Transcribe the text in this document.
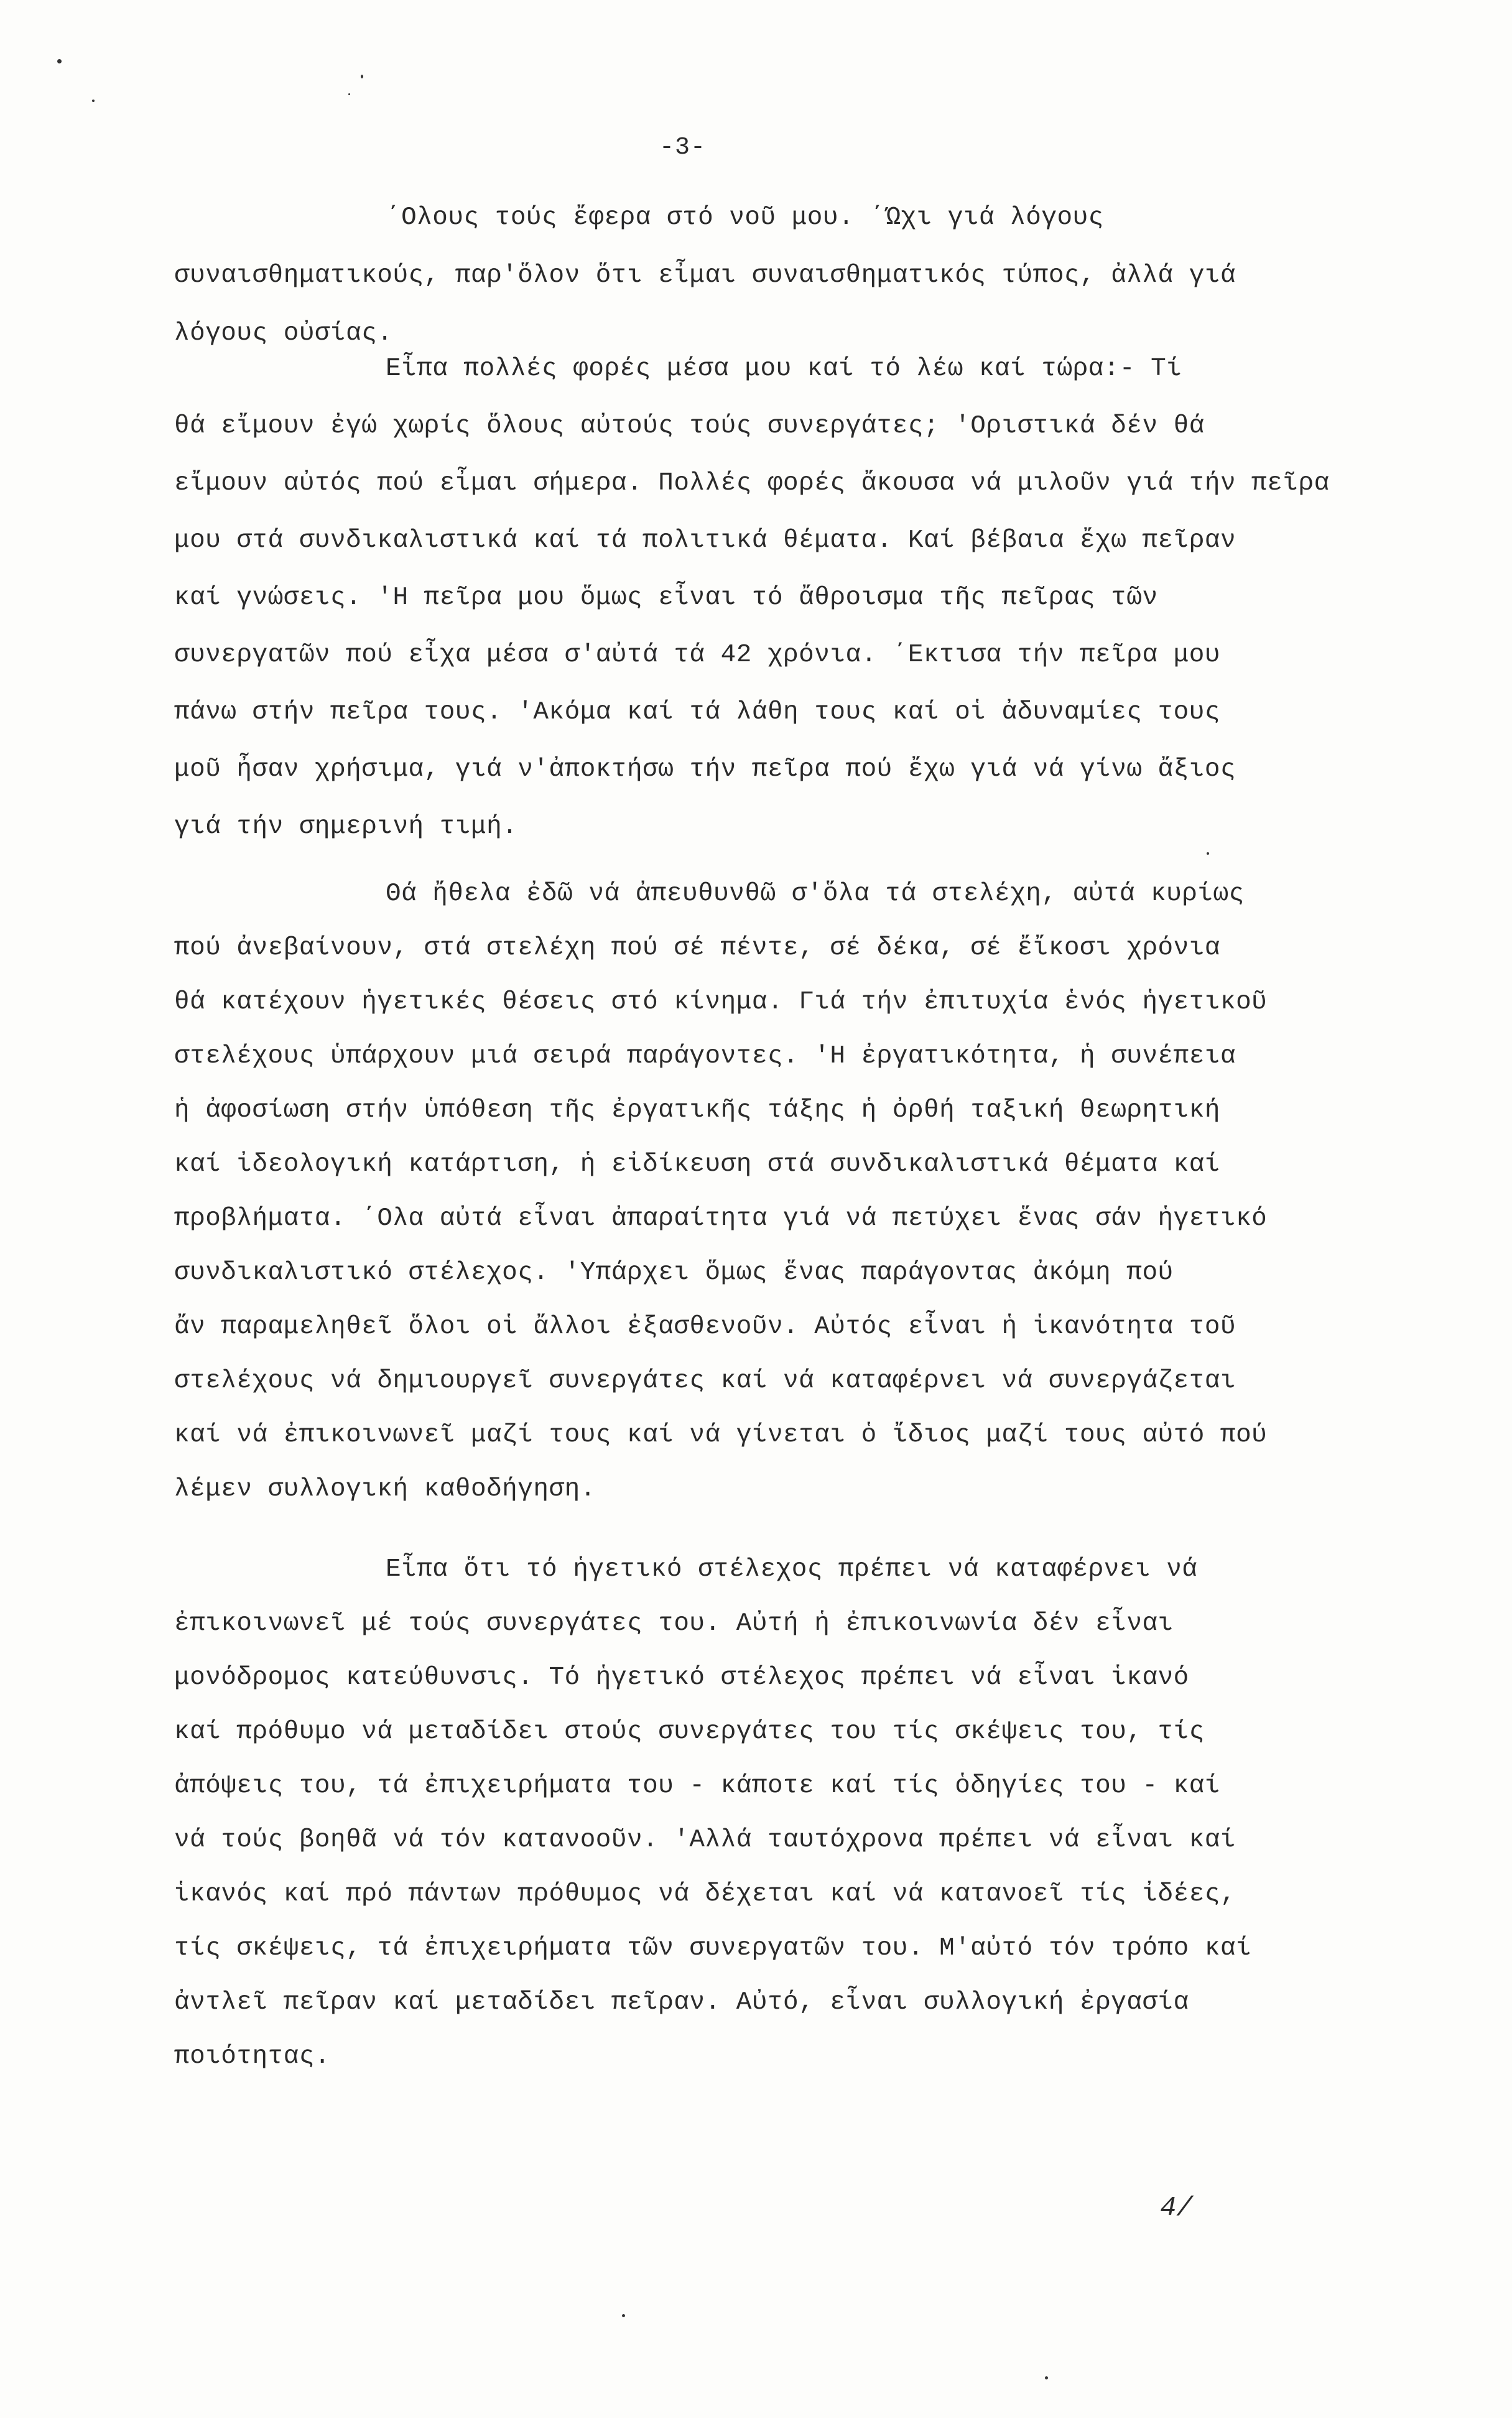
-3-
΄Ολους τούς ἔφερα στό νοῦ μου. ΄Ώχι γιά λόγους
συναισθηματικούς, παρ'ὅλον ὅτι εἶμαι συναισθηματικός τύπος, ἀλλά γιά
λόγους οὐσίας.
Εἶπα πολλές φορές μέσα μου καί τό λέω καί τώρα:- Τί
θά εἴμουν ἐγώ χωρίς ὅλους αὐτούς τούς συνεργάτες; 'Οριστικά δέν θά
εἴμουν αὐτός πού εἶμαι σήμερα. Πολλές φορές ἄκουσα νά μιλοῦν γιά τήν πεῖρα
μου στά συνδικαλιστικά καί τά πολιτικά θέματα. Καί βέβαια ἔχω πεῖραν
καί γνώσεις. 'Η πεῖρα μου ὅμως εἶναι τό ἄθροισμα τῆς πεῖρας τῶν
συνεργατῶν πού εἶχα μέσα σ'αὐτά τά 42 χρόνια. ΄Εκτισα τήν πεῖρα μου
πάνω στήν πεῖρα τους. 'Ακόμα καί τά λάθη τους καί οἱ ἀδυναμίες τους
μοῦ ἦσαν χρήσιμα, γιά ν'ἀποκτήσω τήν πεῖρα πού ἔχω γιά νά γίνω ἄξιος
γιά τήν σημερινή τιμή.
Θά ἤθελα ἐδῶ νά ἀπευθυνθῶ σ'ὅλα τά στελέχη, αὐτά κυρίως
πού ἀνεβαίνουν, στά στελέχη πού σέ πέντε, σέ δέκα, σέ ἔἴκοσι χρόνια
θά κατέχουν ἡγετικές θέσεις στό κίνημα. Γιά τήν ἐπιτυχία ἑνός ἡγετικοῦ
στελέχους ὑπάρχουν μιά σειρά παράγοντες. 'Η ἐργατικότητα, ἡ συνέπεια
ἡ ἀφοσίωση στήν ὑπόθεση τῆς ἐργατικῆς τάξης ἡ ὀρθή ταξική θεωρητική
καί ἰδεολογική κατάρτιση, ἡ εἰδίκευση στά συνδικαλιστικά θέματα καί
προβλήματα. ΄Ολα αὐτά εἶναι ἀπαραίτητα γιά νά πετύχει ἕνας σάν ἡγετικό
συνδικαλιστικό στέλεχος. 'Υπάρχει ὅμως ἕνας παράγοντας ἀκόμη πού
ἄν παραμεληθεῖ ὅλοι οἱ ἄλλοι ἐξασθενοῦν. Αὐτός εἶναι ἡ ἱκανότητα τοῦ
στελέχους νά δημιουργεῖ συνεργάτες καί νά καταφέρνει νά συνεργάζεται
καί νά ἐπικοινωνεῖ μαζί τους καί νά γίνεται ὁ ἴδιος μαζί τους αὐτό πού
λέμεν συλλογική καθοδήγηση.
Εἶπα ὅτι τό ἡγετικό στέλεχος πρέπει νά καταφέρνει νά
ἐπικοινωνεῖ μέ τούς συνεργάτες του. Αὐτή ἡ ἐπικοινωνία δέν εἶναι
μονόδρομος κατεύθυνσις. Τό ἡγετικό στέλεχος πρέπει νά εἶναι ἱκανό
καί πρόθυμο νά μεταδίδει στούς συνεργάτες του τίς σκέψεις του, τίς
ἀπόψεις του, τά ἐπιχειρήματα του - κάποτε καί τίς ὁδηγίες του - καί
νά τούς βοηθᾶ νά τόν κατανοοῦν. 'Αλλά ταυτόχρονα πρέπει νά εἶναι καί
ἱκανός καί πρό πάντων πρόθυμος νά δέχεται καί νά κατανοεῖ τίς ἰδέες,
τίς σκέψεις, τά ἐπιχειρήματα τῶν συνεργατῶν του. Μ'αὐτό τόν τρόπο καί
ἀντλεῖ πεῖραν καί μεταδίδει πεῖραν. Αὐτό, εἶναι συλλογική ἐργασία
ποιότητας.
4/
